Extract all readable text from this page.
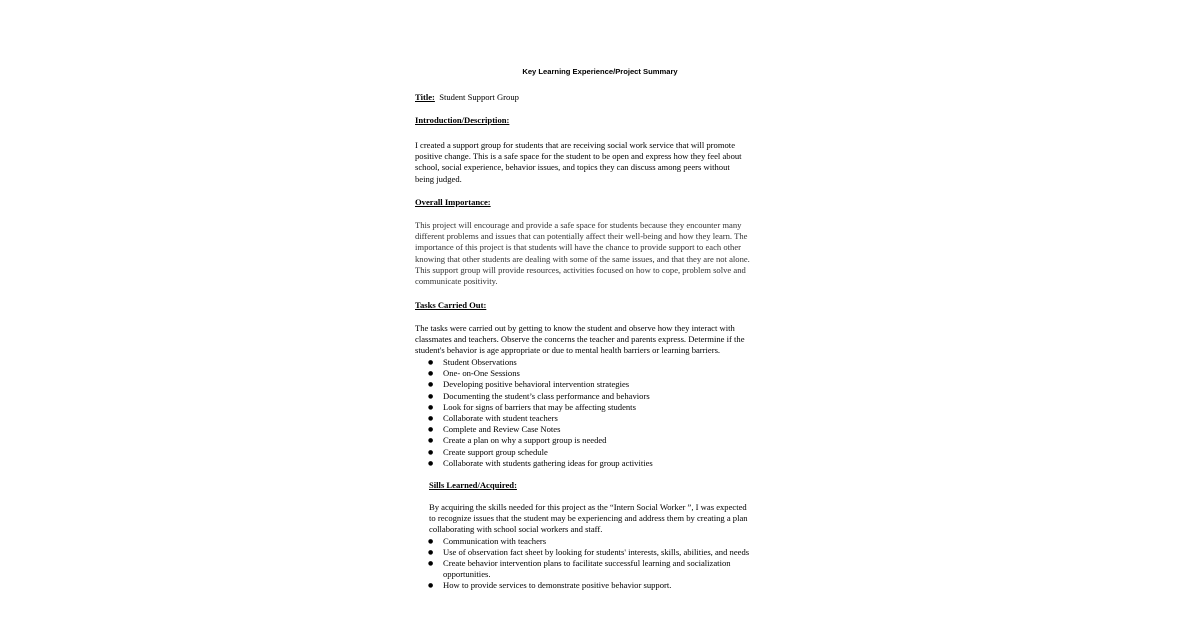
Key Learning Experience/Project Summary
Title: Student Support Group
Introduction/Description:
I created a support group for students that are receiving social work service that will promote
positive change. This is a safe space for the student to be open and express how they feel about
school, social experience, behavior issues, and topics they can discuss among peers without
being judged.
Overall Importance:
This project will encourage and provide a safe space for students because they encounter many
different problems and issues that can potentially affect their well-being and how they learn. The
importance of this project is that students will have the chance to provide support to each other
knowing that other students are dealing with some of the same issues, and that they are not alone.
This support group will provide resources, activities focused on how to cope, problem solve and
communicate positivity.
Tasks Carried Out:
The tasks were carried out by getting to know the student and observe how they interact with
classmates and teachers. Observe the concerns the teacher and parents express. Determine if the
student's behavior is age appropriate or due to mental health barriers or learning barriers.
● Student Observations
● One- on-One Sessions
● Developing positive behavioral intervention strategies
● Documenting the student’s class performance and behaviors
● Look for signs of barriers that may be affecting students
● Collaborate with student teachers
● Complete and Review Case Notes
● Create a plan on why a support group is needed
● Create support group schedule
● Collaborate with students gathering ideas for group activities
Sills Learned/Acquired:
By acquiring the skills needed for this project as the “Intern Social Worker ”, I was expected
to recognize issues that the student may be experiencing and address them by creating a plan
collaborating with school social workers and staff.
● Communication with teachers
● Use of observation fact sheet by looking for students' interests, skills, abilities, and needs
● Create behavior intervention plans to facilitate successful learning and socialization
opportunities.
● How to provide services to demonstrate positive behavior support.
